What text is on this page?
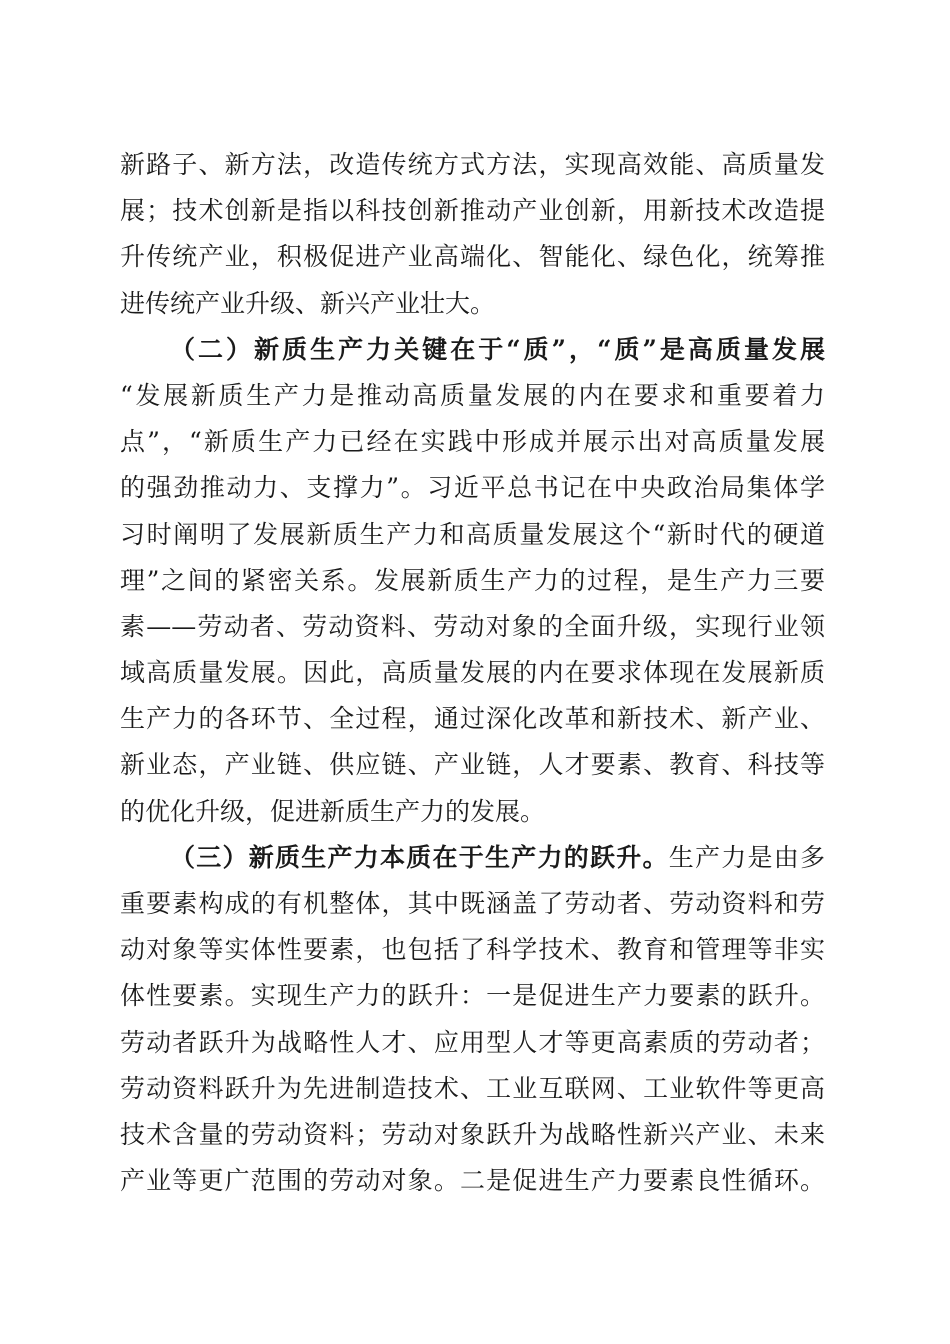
新路子、新方法，改造传统方式方法，实现高效能、高质量发
展；技术创新是指以科技创新推动产业创新，用新技术改造提
升传统产业，积极促进产业高端化、智能化、绿色化，统筹推
进传统产业升级、新兴产业壮大。
（二）新质生产力关键在于“质”，“质”是高质量发展
“发展新质生产力是推动高质量发展的内在要求和重要着力
点”，“新质生产力已经在实践中形成并展示出对高质量发展
的强劲推动力、支撑力”。习近平总书记在中央政治局集体学
习时阐明了发展新质生产力和高质量发展这个“新时代的硬道
理”之间的紧密关系。发展新质生产力的过程，是生产力三要
素——劳动者、劳动资料、劳动对象的全面升级，实现行业领
域高质量发展。因此，高质量发展的内在要求体现在发展新质
生产力的各环节、全过程，通过深化改革和新技术、新产业、
新业态，产业链、供应链、产业链，人才要素、教育、科技等
的优化升级，促进新质生产力的发展。
（三）新质生产力本质在于生产力的跃升。生产力是由多
重要素构成的有机整体，其中既涵盖了劳动者、劳动资料和劳
动对象等实体性要素，也包括了科学技术、教育和管理等非实
体性要素。实现生产力的跃升：一是促进生产力要素的跃升。
劳动者跃升为战略性人才、应用型人才等更高素质的劳动者；
劳动资料跃升为先进制造技术、工业互联网、工业软件等更高
技术含量的劳动资料；劳动对象跃升为战略性新兴产业、未来
产业等更广范围的劳动对象。二是促进生产力要素良性循环。
